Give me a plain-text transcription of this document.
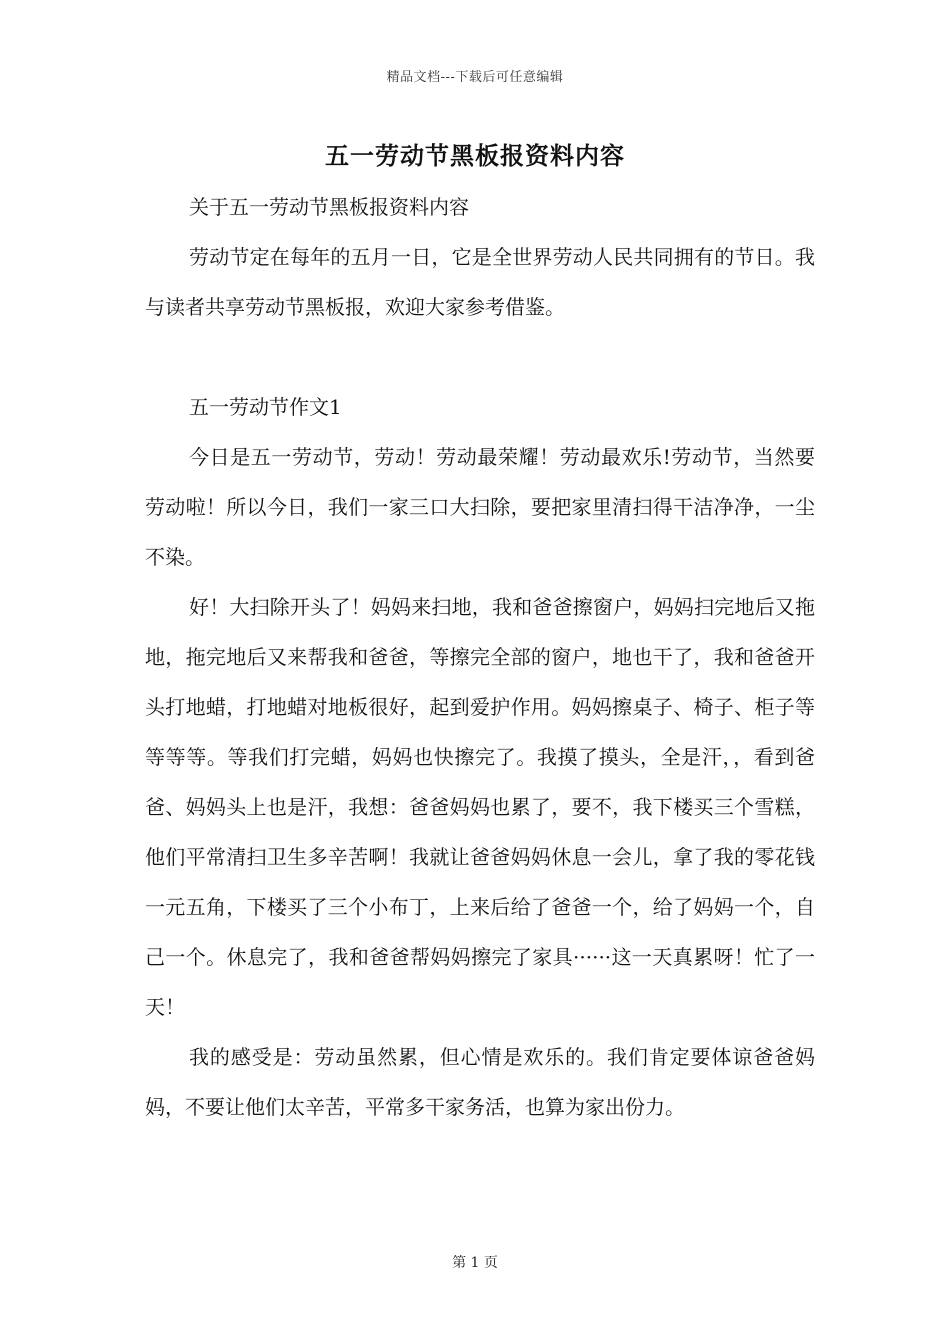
精品文档---下载后可任意编辑
五一劳动节黑板报资料内容

关于五一劳动节黑板报资料内容

劳动节定在每年的五月一日，它是全世界劳动人民共同拥有的节日。我与读者共享劳动节黑板报，欢迎大家参考借鉴。

五一劳动节作文1

今日是五一劳动节，劳动！劳动最荣耀！劳动最欢乐!劳动节，当然要劳动啦！所以今日，我们一家三口大扫除，要把家里清扫得干洁净净，一尘不染。

好！大扫除开头了！妈妈来扫地，我和爸爸擦窗户，妈妈扫完地后又拖地，拖完地后又来帮我和爸爸，等擦完全部的窗户，地也干了，我和爸爸开头打地蜡，打地蜡对地板很好，起到爱护作用。妈妈擦桌子、椅子、柜子等等等等。等我们打完蜡，妈妈也快擦完了。我摸了摸头，全是汗，，看到爸爸、妈妈头上也是汗，我想：爸爸妈妈也累了，要不，我下楼买三个雪糕，他们平常清扫卫生多辛苦啊！我就让爸爸妈妈休息一会儿，拿了我的零花钱一元五角，下楼买了三个小布丁，上来后给了爸爸一个，给了妈妈一个，自己一个。休息完了，我和爸爸帮妈妈擦完了家具······这一天真累呀！忙了一天！

我的感受是：劳动虽然累，但心情是欢乐的。我们肯定要体谅爸爸妈妈，不要让他们太辛苦，平常多干家务活，也算为家出份力。

第 1 页
